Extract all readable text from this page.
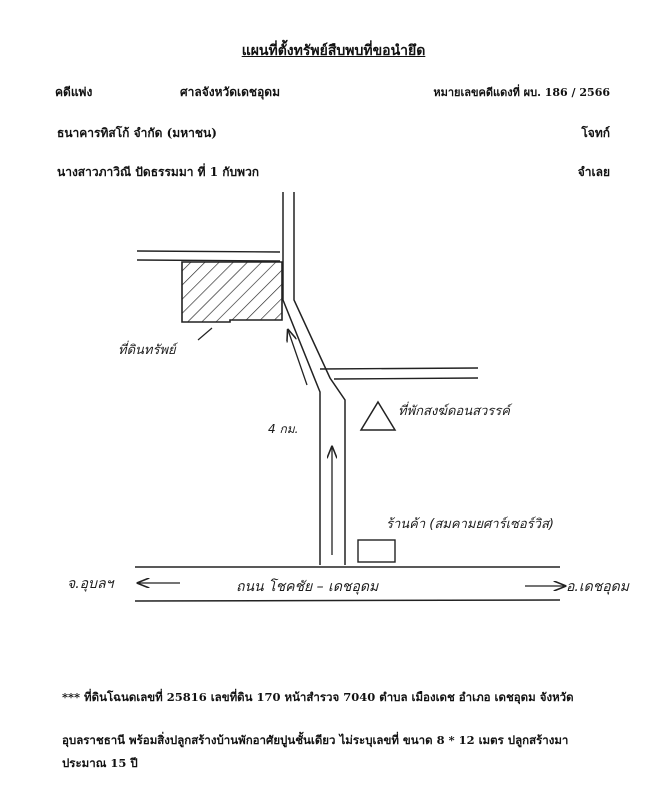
แผนที่ตั้งทรัพย์สืบพบที่ขอนำยึด
คดีแพ่ง	ศาลจังหวัดเดชอุดม	หมายเลขคดีแดงที่ ผบ. 186 / 2566
ธนาคารทิสโก้ จำกัด (มหาชน)	โจทก์
นางสาวภาวิณี ปัดธรรมมา ที่ 1 กับพวก	จำเลย
ที่ดินทรัพย์
ที่พักสงฆ์ดอนสวรรค์
4 กม.
ร้านค้า (สมคามยศาร์เซอร์วิส)
จ.อุบลฯ	ถนน โชคชัย – เดชอุดม	อ.เดชอุดม
*** ที่ดินโฉนดเลขที่ 25816 เลขที่ดิน 170 หน้าสำรวจ 7040 ตำบล เมืองเดช อำเภอ เดชอุดม จังหวัด
อุบลราชธานี พร้อมสิ่งปลูกสร้างบ้านพักอาศัยปูนชั้นเดียว ไม่ระบุเลขที่ ขนาด 8 * 12 เมตร ปลูกสร้างมา
ประมาณ 15 ปี
